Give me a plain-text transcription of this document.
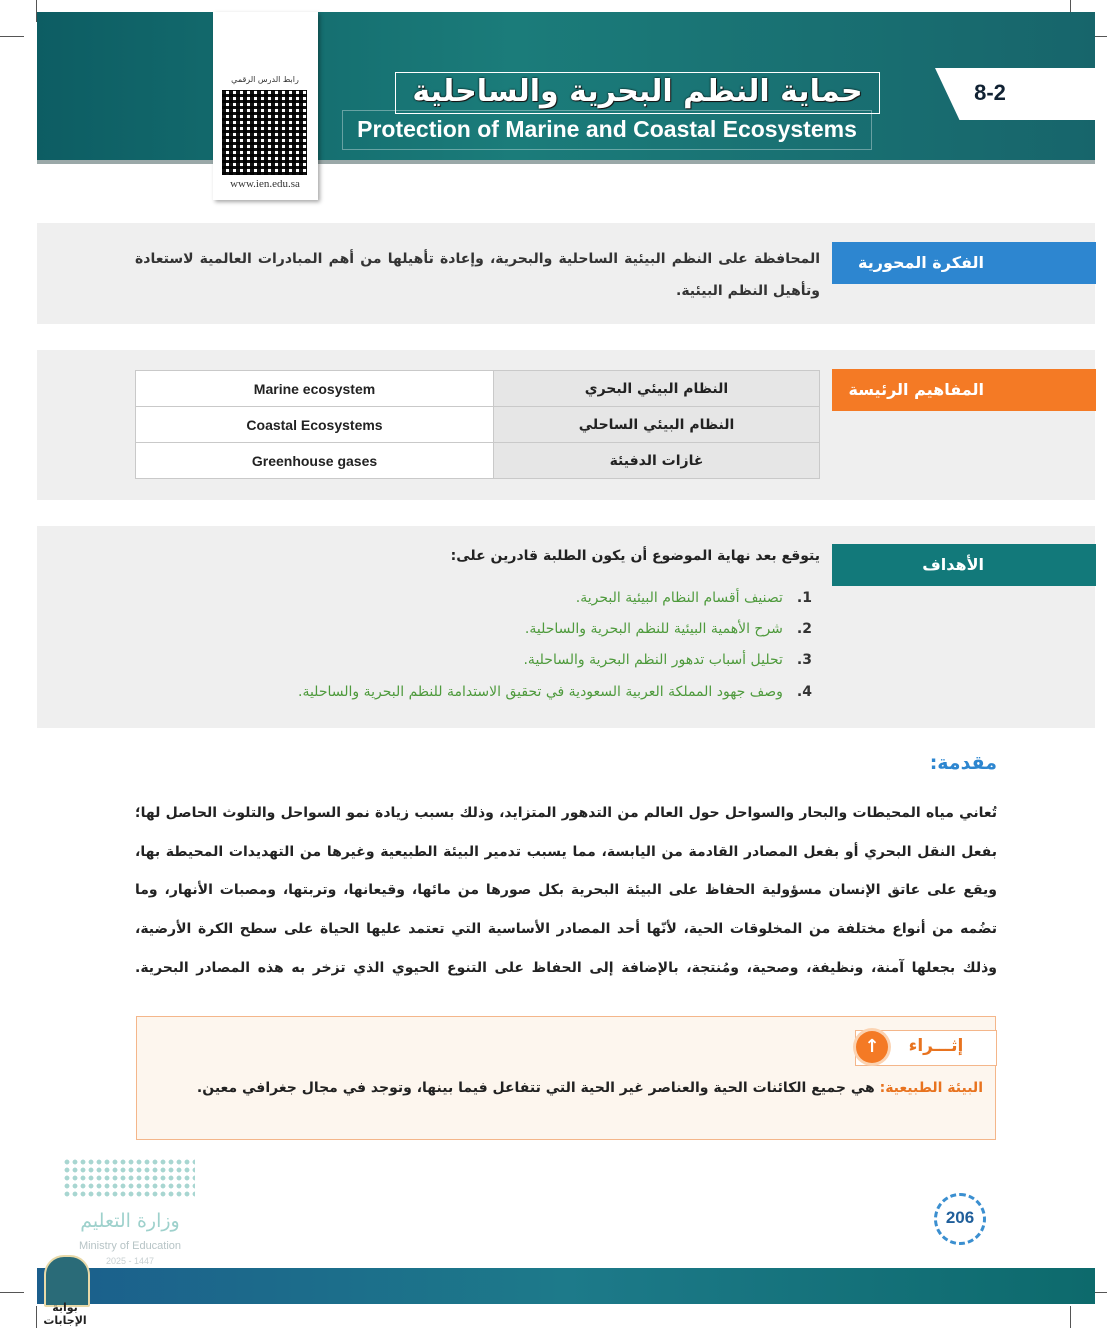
8-2
حماية النظم البحرية والساحلية
Protection of Marine and Coastal Ecosystems
رابط الدرس الرقمي
www.ien.edu.sa
الفكرة المحورية
المحافظة على النظم البيئية الساحلية والبحرية، وإعادة تأهيلها من أهم المبادرات العالمية لاستعادة وتأهيل النظم البيئية.
المفاهيم الرئيسة
Marine ecosystem	النظام البيئي البحري
Coastal Ecosystems	النظام البيئي الساحلي
Greenhouse gases	غازات الدفيئة
الأهداف
يتوقع بعد نهاية الموضوع أن يكون الطلبة قادرين على:
1.تصنيف أقسام النظام البيئية البحرية.
2.شرح الأهمية البيئية للنظم البحرية والساحلية.
3.تحليل أسباب تدهور النظم البحرية والساحلية.
4.وصف جهود المملكة العربية السعودية في تحقيق الاستدامة للنظم البحرية والساحلية.
مقدمة:
تُعاني مياه المحيطات والبحار والسواحل حول العالم من التدهور المتزايد، وذلك بسبب زيادة نمو السواحل والتلوث الحاصل لها؛ بفعل النقل البحري أو بفعل المصادر القادمة من اليابسة، مما يسبب تدمير البيئة الطبيعية وغيرها من التهديدات المحيطة بها، ويقع على عاتق الإنسان مسؤولية الحفاظ على البيئة البحرية بكل صورها من مائها، وقيعانها، وتربتها، ومصبات الأنهار، وما تضُمه من أنواع مختلفة من المخلوقات الحية، لأنّها أحد المصادر الأساسية التي تعتمد عليها الحياة على سطح الكرة الأرضية، وذلك بجعلها آمنة، ونظيفة، وصحية، ومُنتجة، بالإضافة إلى الحفاظ على التنوع الحيوي الذي تزخر به هذه المصادر البحرية.
↑	إثـــراء
البيئة الطبيعية: هي جميع الكائنات الحية والعناصر غير الحية التي تتفاعل فيما بينها، وتوجد في مجال جغرافي معين.
وزارة التعليم
Ministry of Education
2025 - 1447
206
بوابة الإجابات
